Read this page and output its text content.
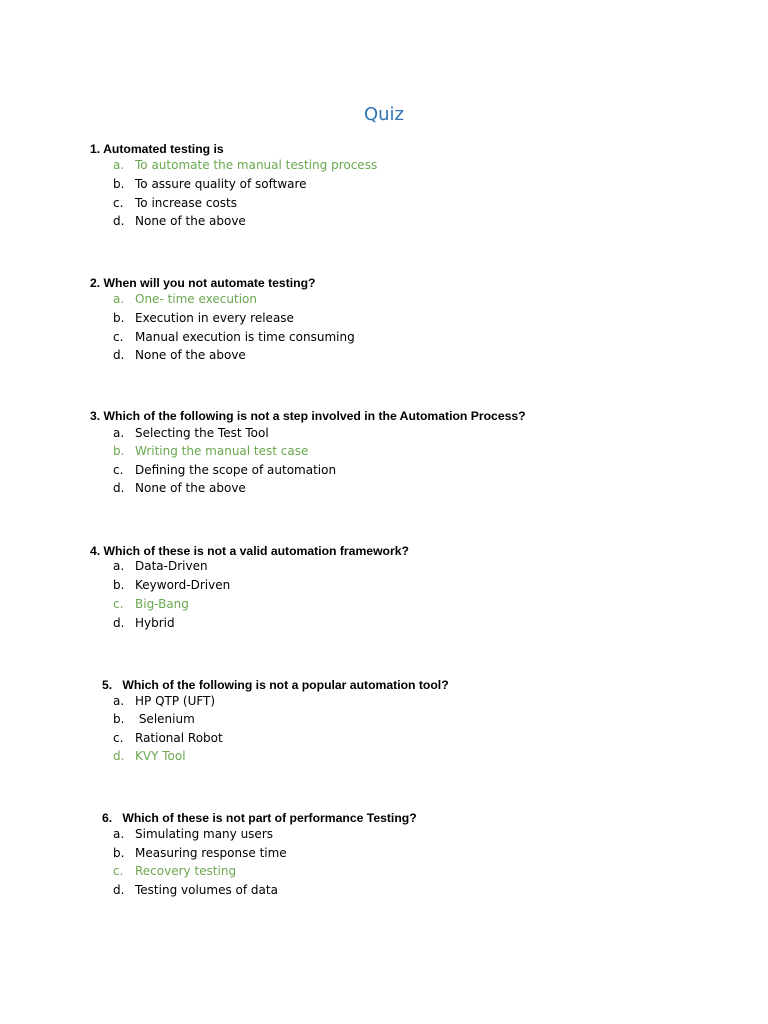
Quiz
1. Automated testing is
a. To automate the manual testing process
b. To assure quality of software
c. To increase costs
d. None of the above
2. When will you not automate testing?
a. One- time execution
b. Execution in every release
c. Manual execution is time consuming
d. None of the above
3. Which of the following is not a step involved in the Automation Process?
a. Selecting the Test Tool
b. Writing the manual test case
c. Defining the scope of automation
d. None of the above
4. Which of these is not a valid automation framework?
a. Data-Driven
b. Keyword-Driven
c. Big-Bang
d. Hybrid
5.   Which of the following is not a popular automation tool?
a. HP QTP (UFT)
b. Selenium
c. Rational Robot
d. KVY Tool
6.   Which of these is not part of performance Testing?
a. Simulating many users
b. Measuring response time
c. Recovery testing
d. Testing volumes of data
